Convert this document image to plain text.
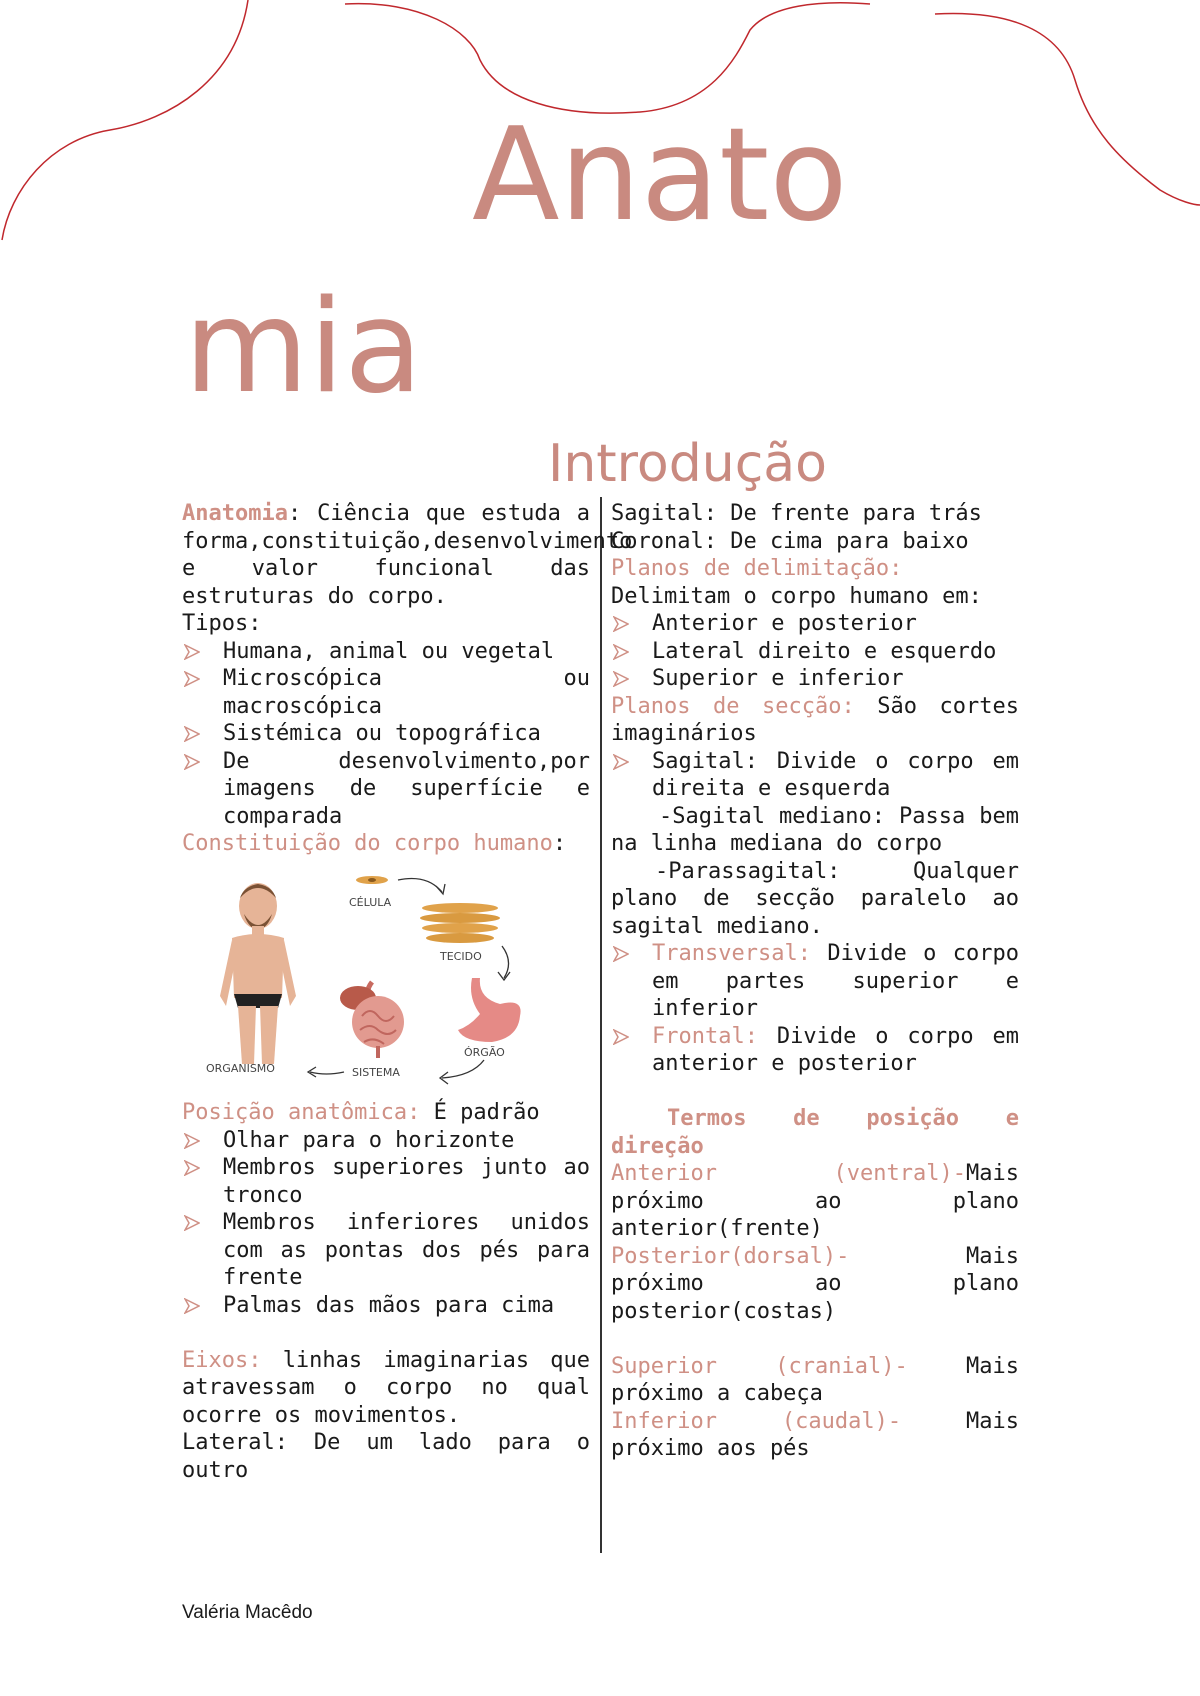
Anato
mia
Introdução

Anatomia: Ciência que estuda a forma,constituição,desenvolvimento e valor funcional das estruturas do corpo.

Tipos:

Humana, animal ou vegetal
Microscópica ou macroscópica
Sistémica ou topográfica
De desenvolvimento,por imagens de superfície e comparada

Constituição do corpo humano:

CÉLULA
TECIDO
ÓRGÃO
SISTEMA
ORGANISMO

Posição anatômica: É padrão

Olhar para o horizonte
Membros superiores junto ao tronco
Membros inferiores unidos com as pontas dos pés para frente
Palmas das mãos para cima

Eixos: linhas imaginarias que atravessam o corpo no qual ocorre os movimentos.

Lateral: De um lado para o outro

Sagital: De frente para trás

Coronal: De cima para baixo

Planos de delimitação:

Delimitam o corpo humano em:

Anterior e posterior
Lateral direito e esquerdo
Superior e inferior

Planos de secção: São cortes imaginários

Sagital: Divide o corpo em direita e esquerda

-Sagital mediano: Passa bem na linha mediana do corpo

-Parassagital: Qualquer plano de secção paralelo ao sagital mediano.

Transversal: Divide o corpo em partes superior e inferior
Frontal: Divide o corpo em anterior e posterior

Termos de posição e direção

Anterior (ventral)-Mais próximo ao plano anterior(frente)

Posterior(dorsal)- Mais próximo ao plano posterior(costas)

Superior (cranial)- Mais próximo a cabeça

Inferior (caudal)- Mais próximo aos pés

Valéria Macêdo
